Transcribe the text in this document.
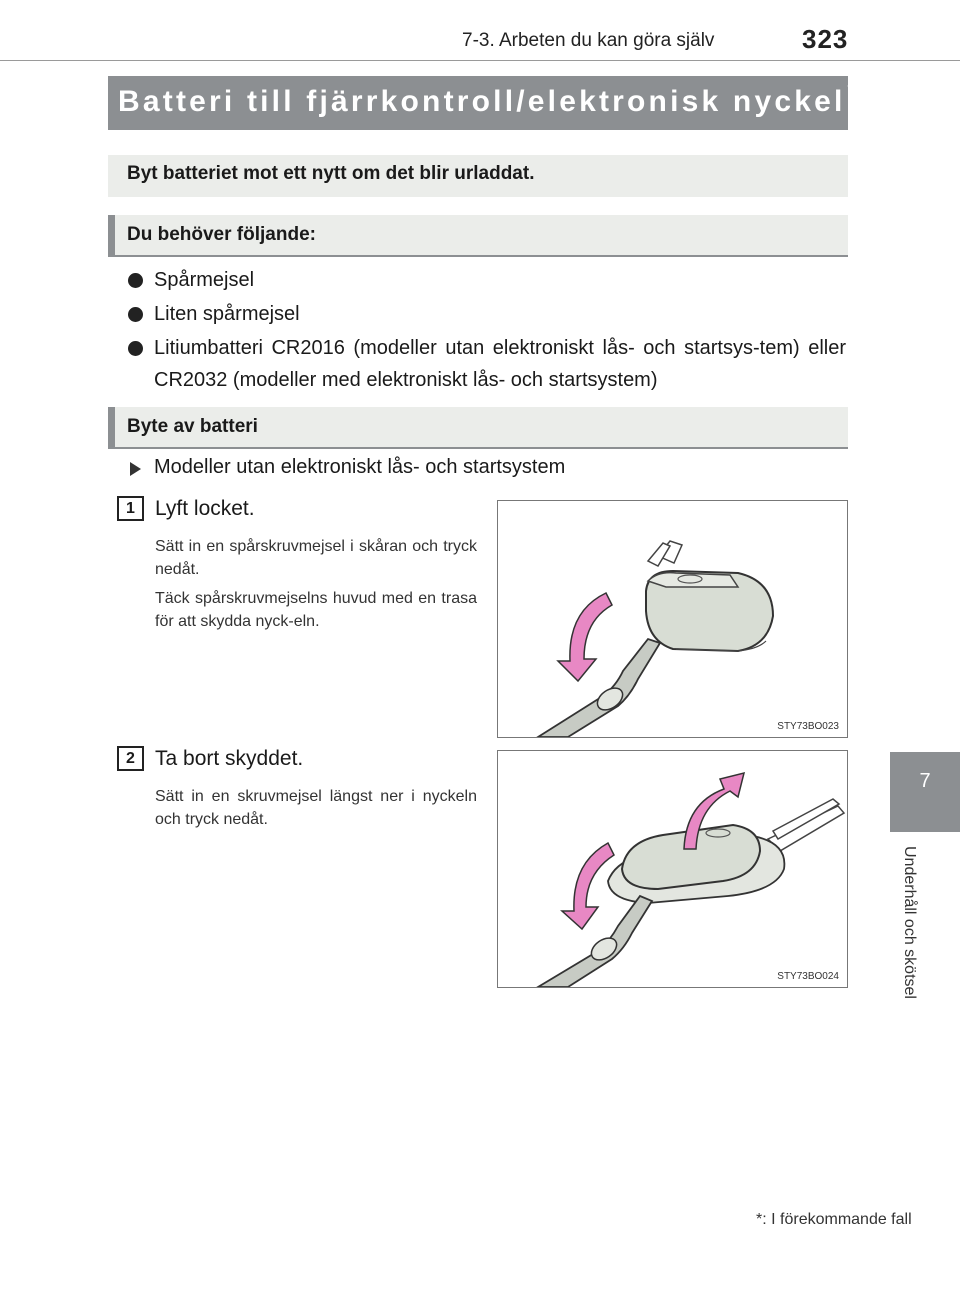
7-3. Arbeten du kan göra själv	323
7
Underhåll och skötsel
Batteri till fjärrkontroll/elektronisk nyckel *
Byt batteriet mot ett nytt om det blir urladdat.
Du behöver följande:
Spårmejsel
Liten spårmejsel
Litiumbatteri CR2016 (modeller utan elektroniskt lås- och startsys-tem) eller CR2032 (modeller med elektroniskt lås- och startsystem)
Byte av batteri
Modeller utan elektroniskt lås- och startsystem
1 Lyft locket.
Sätt in en spårskruvmejsel i skåran och tryck nedåt.
Täck spårskruvmejselns huvud med en trasa för att skydda nyck-eln.
STY73BO023
2 Ta bort skyddet.
Sätt in en skruvmejsel längst ner i nyckeln och tryck nedåt.
STY73BO024
*: I förekommande fall
